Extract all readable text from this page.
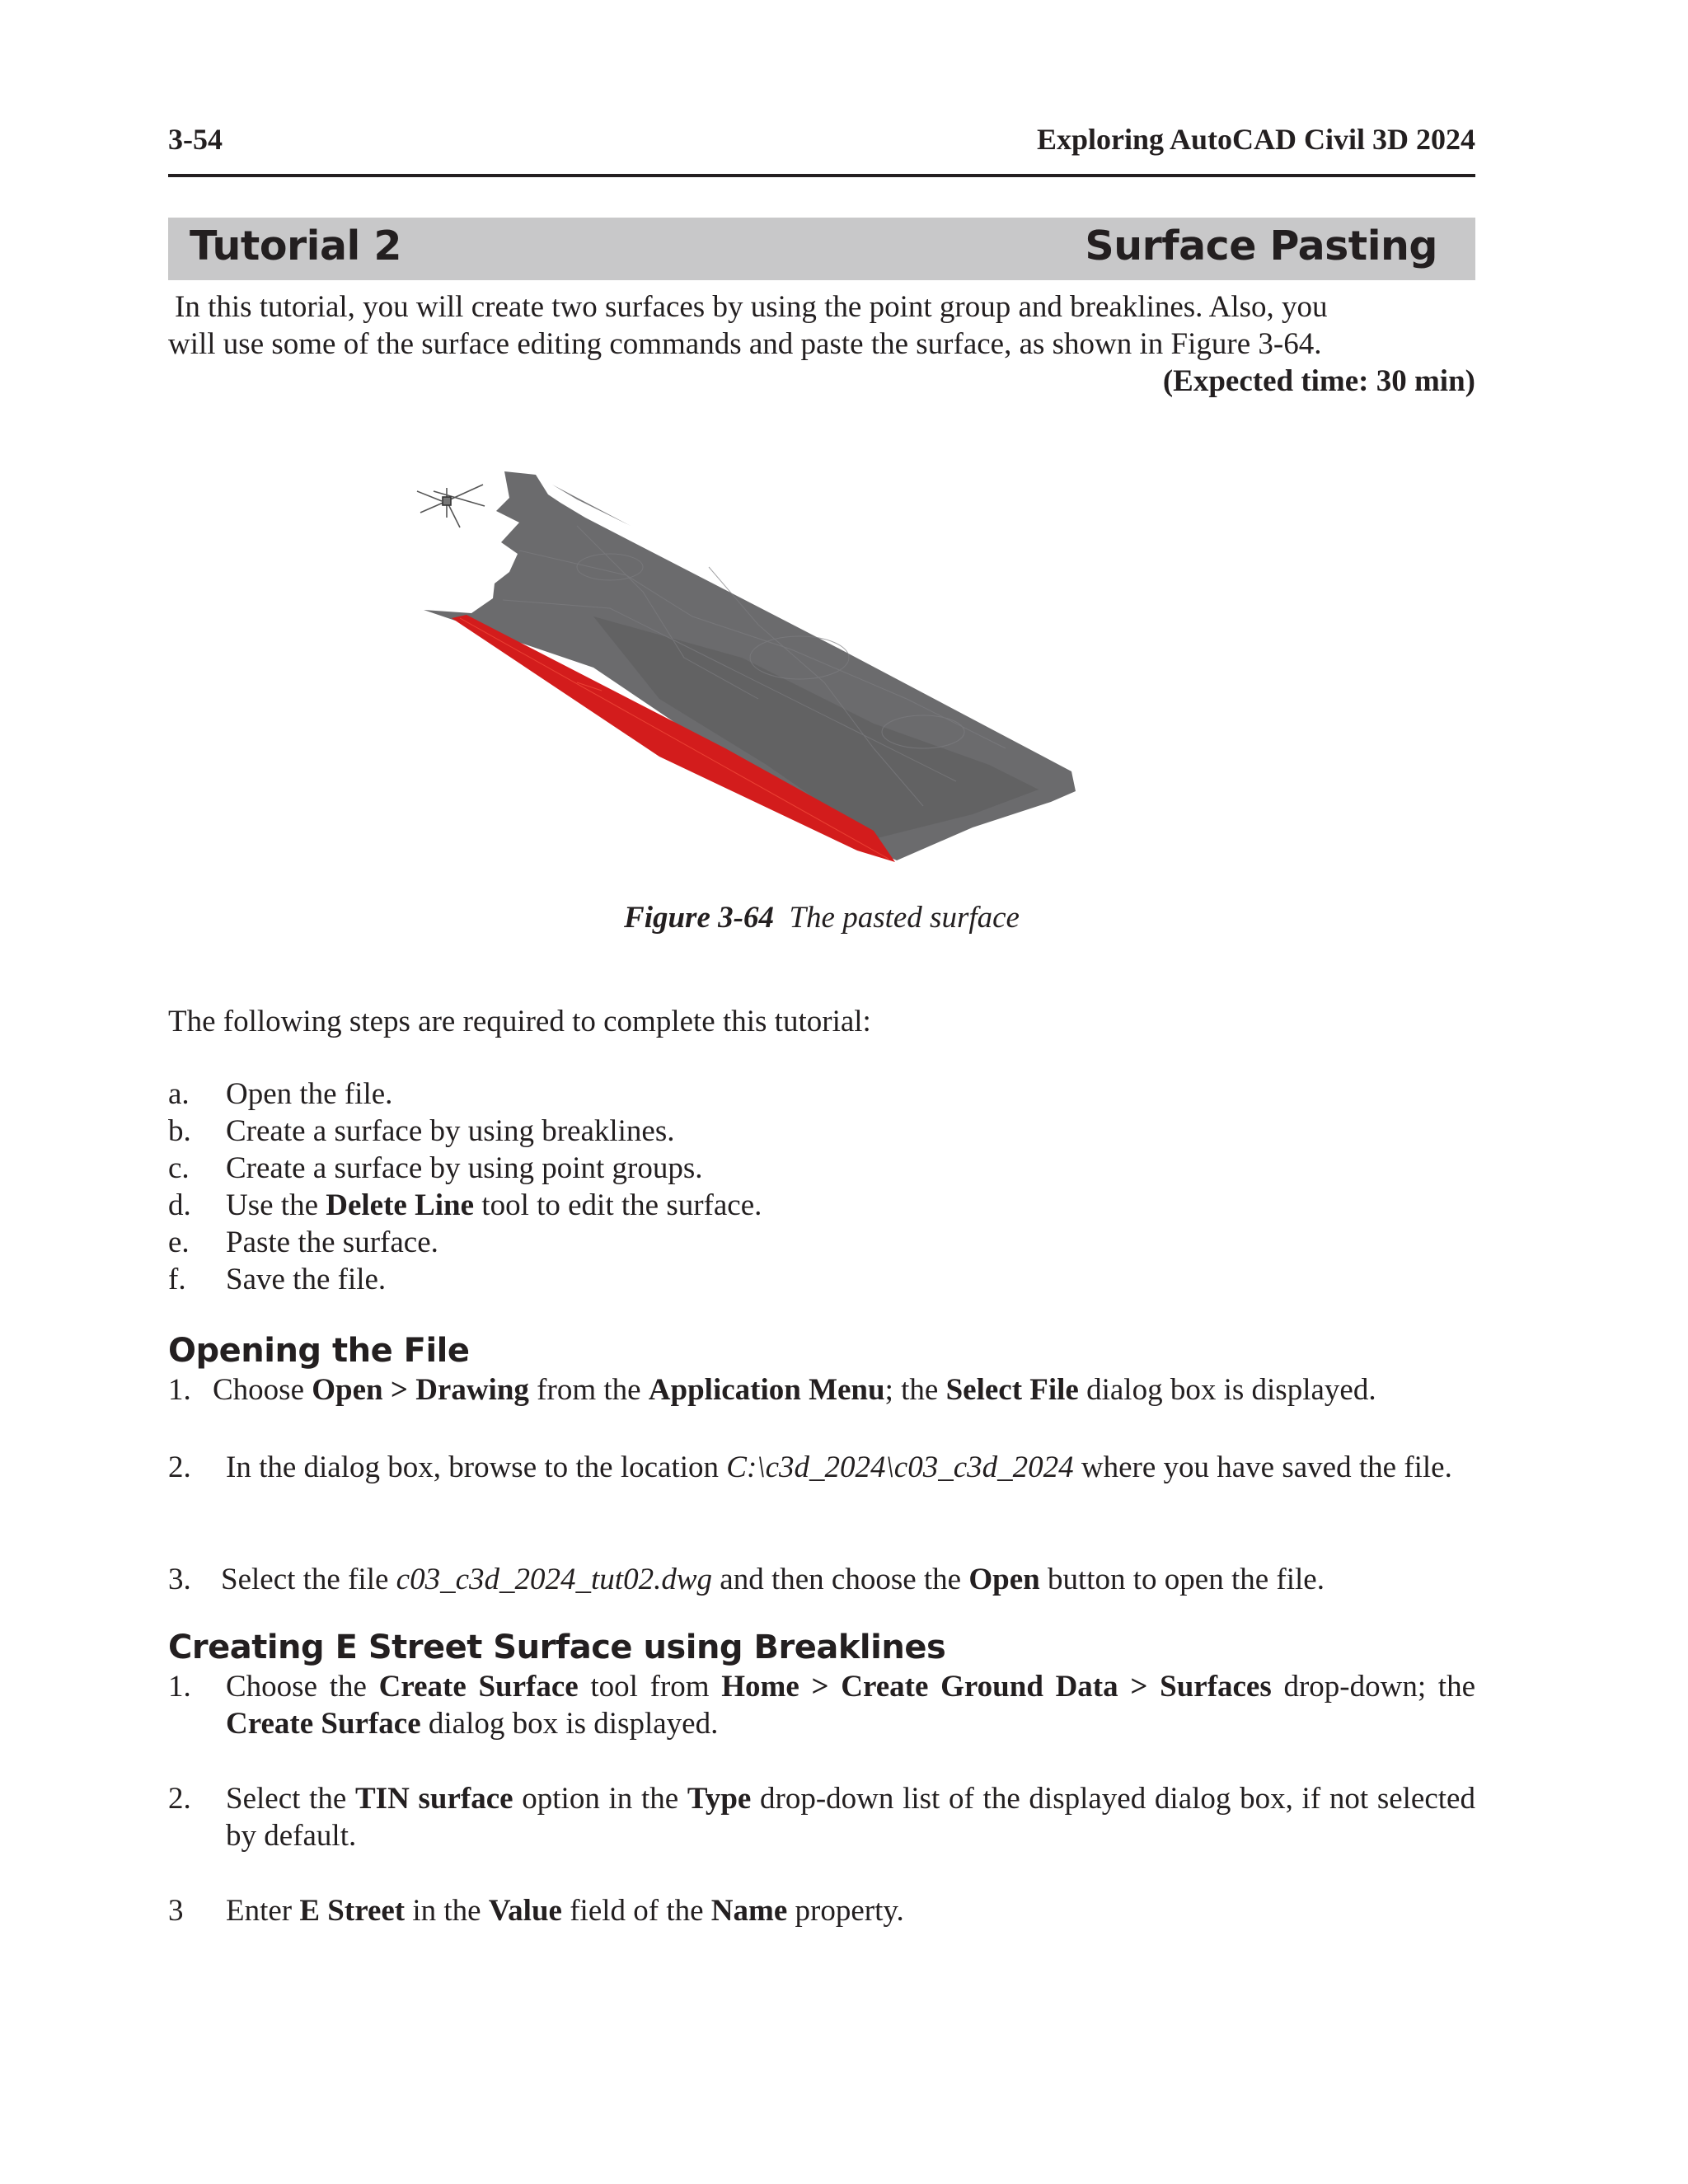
3-54	Exploring AutoCAD Civil 3D 2024
Tutorial 2	Surface Pasting
In this tutorial, you will create two surfaces by using the point group and breaklines. Also, you
will use some of the surface editing commands and paste the surface, as shown in Figure 3-64.
(Expected time: 30 min)
Figure 3-64 The pasted surface
The following steps are required to complete this tutorial:
a. Open the file.
b. Create a surface by using breaklines.
c. Create a surface by using point groups.
d. Use the Delete Line tool to edit the surface.
e. Paste the surface.
f. Save the file.
Opening the File
1. Choose Open > Drawing from the Application Menu; the Select File dialog box is displayed.
2. In the dialog box, browse to the location C:\c3d_2024\c03_c3d_2024 where you have saved the file.
3. Select the file c03_c3d_2024_tut02.dwg and then choose the Open button to open the file.
Creating E Street Surface using Breaklines
1. Choose the Create Surface tool from Home > Create Ground Data > Surfaces drop-down; the Create Surface dialog box is displayed.
2. Select the TIN surface option in the Type drop-down list of the displayed dialog box, if not selected by default.
3 Enter E Street in the Value field of the Name property.
